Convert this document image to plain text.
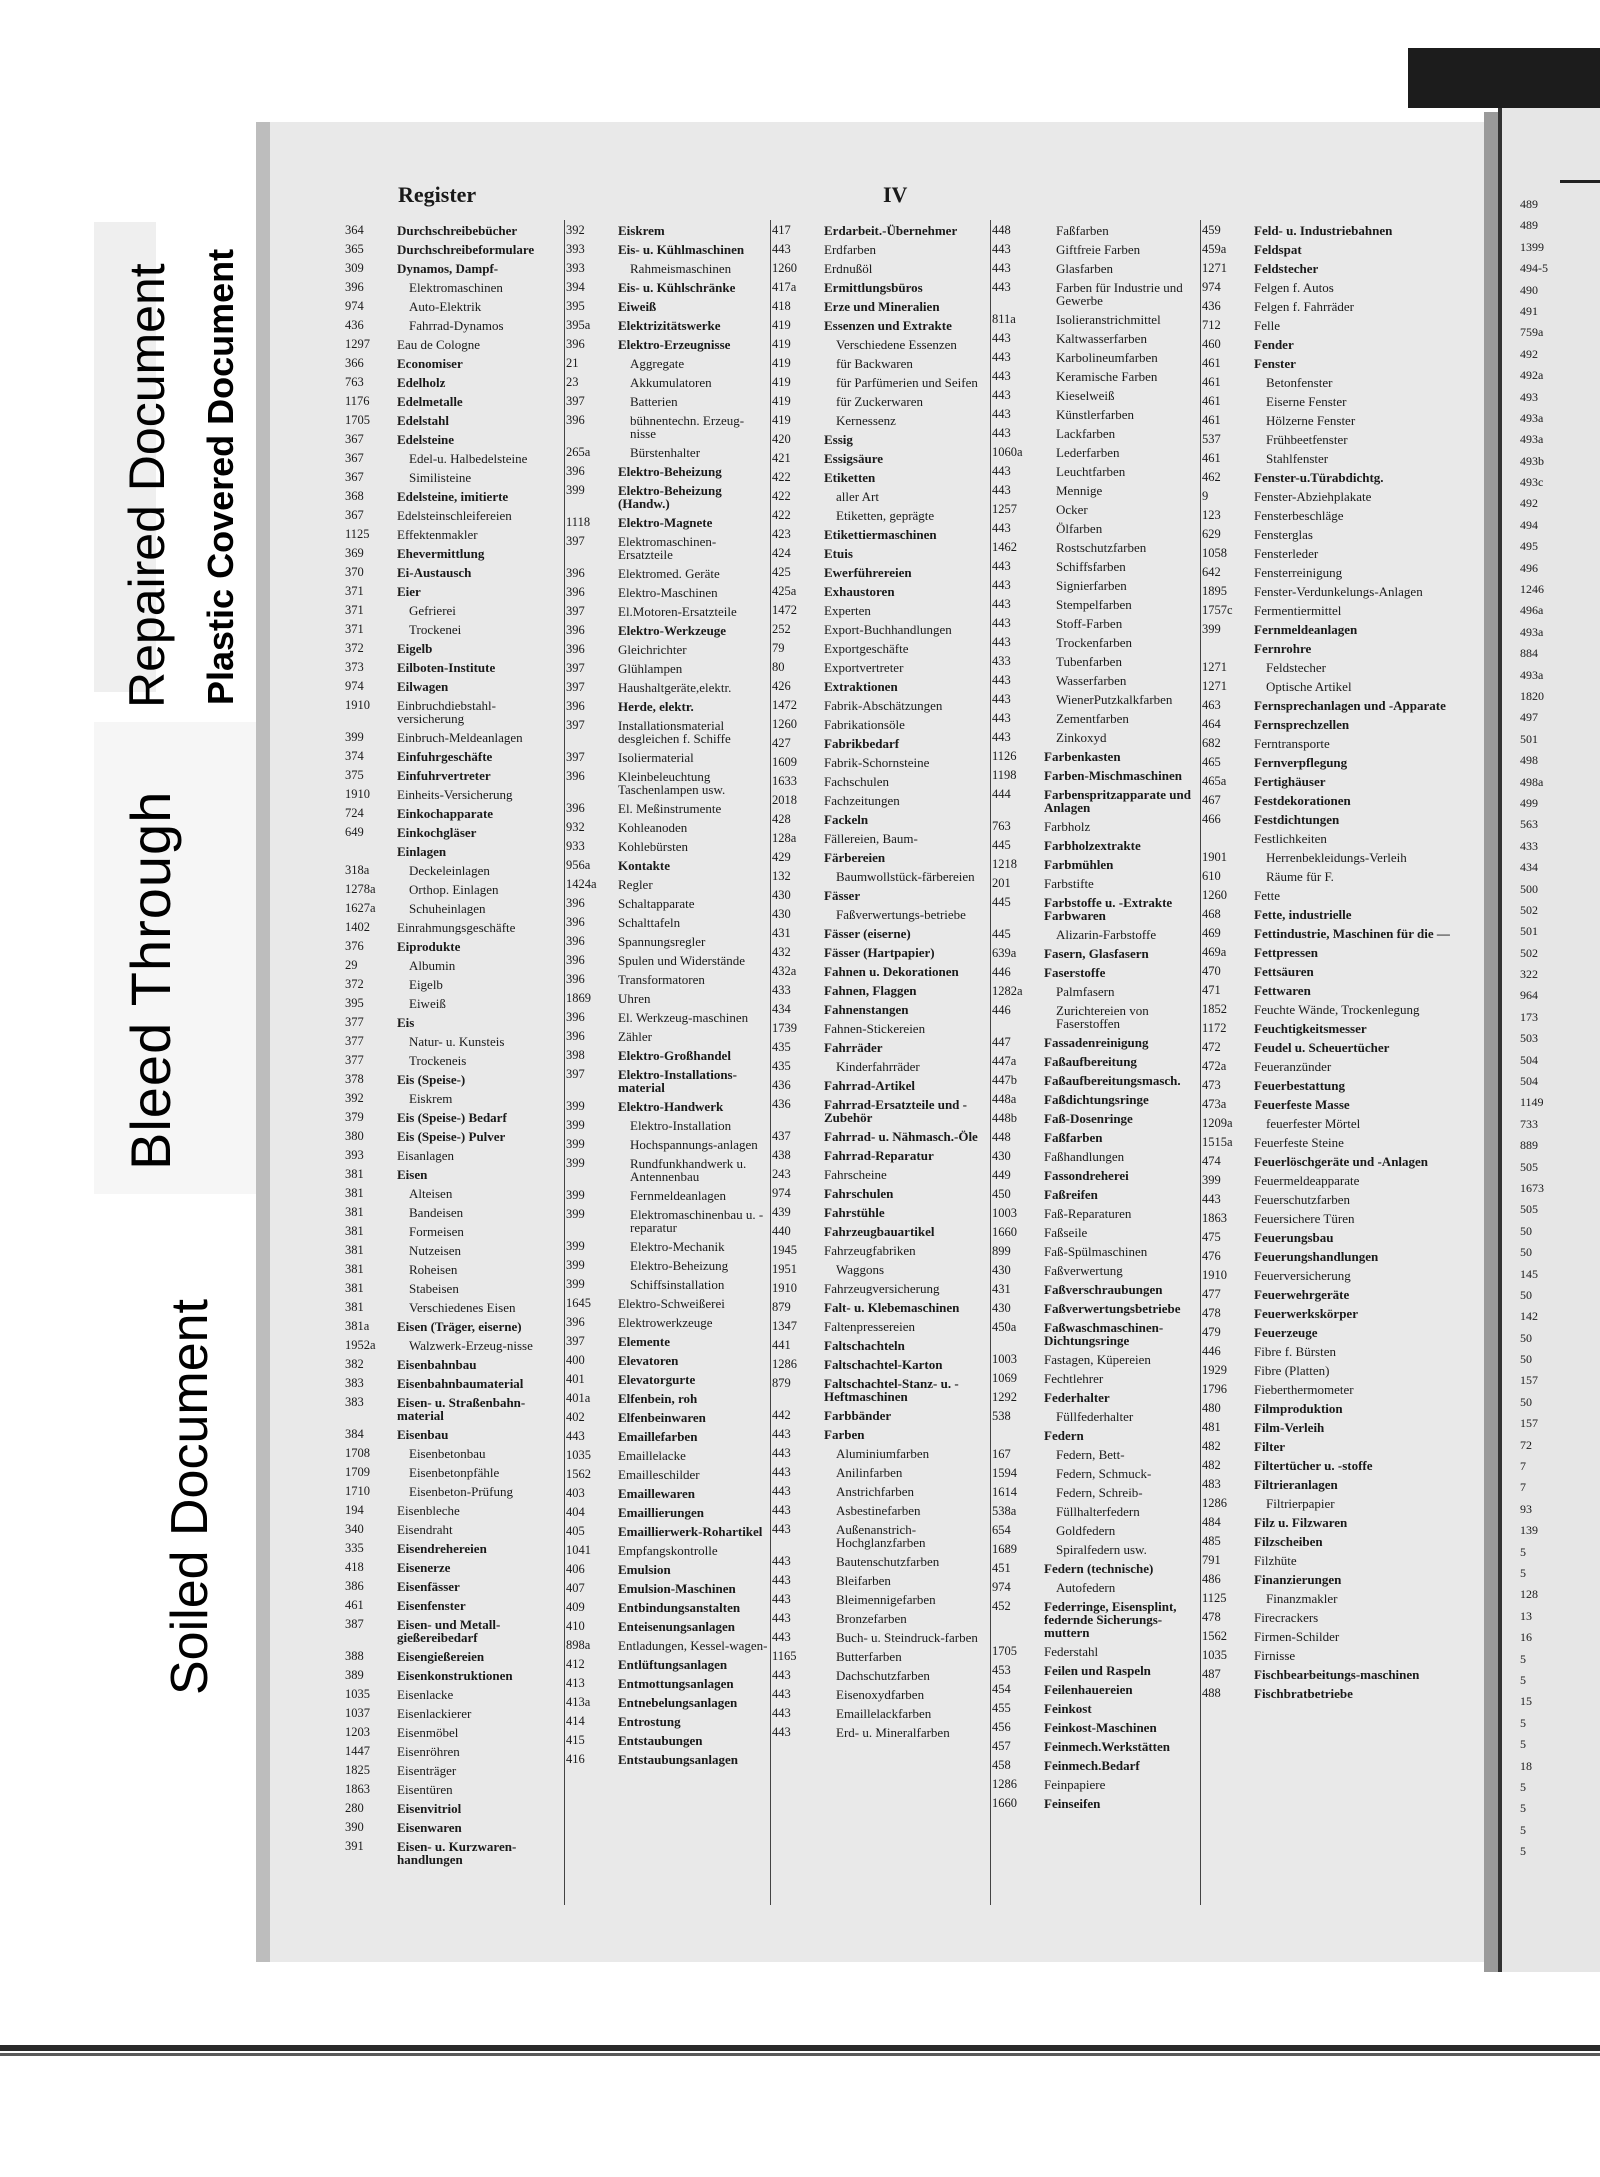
Bleed Through
Repaired Document Plastic Covered Document
Soiled Document
Register	IV
364	Durchschreibebücher
365	Durchschreibeformulare
309	Dynamos, Dampf-
396	Elektromaschinen
974	Auto-Elektrik
436	Fahrrad-Dynamos
1297	Eau de Cologne
366	Economiser
763	Edelholz
1176	Edelmetalle
1705	Edelstahl
367	Edelsteine
367	Edel-u. Halbedelsteine
367	Similisteine
368	Edelsteine, imitierte
367	Edelsteinschleifereien
1125	Effektenmakler
369	Ehevermittlung
370	Ei-Austausch
371	Eier
371	Gefrierei
371	Trockenei
372	Eigelb
373	Eilboten-Institute
974	Eilwagen
1910	Einbruchdiebstahl-versicherung
399	Einbruch-Meldeanlagen
374	Einfuhrgeschäfte
375	Einfuhrvertreter
1910	Einheits-Versicherung
724	Einkochapparate
649	Einkochgläser
Einlagen
318a	Deckeleinlagen
1278a	Orthop. Einlagen
1627a	Schuheinlagen
1402	Einrahmungsgeschäfte
376	Eiprodukte
29	Albumin
372	Eigelb
395	Eiweiß
377	Eis
377	Natur- u. Kunsteis
377	Trockeneis
378	Eis (Speise-)
392	Eiskrem
379	Eis (Speise-) Bedarf
380	Eis (Speise-) Pulver
393	Eisanlagen
381	Eisen
381	Alteisen
381	Bandeisen
381	Formeisen
381	Nutzeisen
381	Roheisen
381	Stabeisen
381	Verschiedenes Eisen
381a	Eisen (Träger, eiserne)
1952a	Walzwerk-Erzeug-nisse
382	Eisenbahnbau
383	Eisenbahnbaumaterial
383	Eisen- u. Straßenbahn-material
384	Eisenbau
1708	Eisenbetonbau
1709	Eisenbetonpfähle
1710	Eisenbeton-Prüfung
194	Eisenbleche
340	Eisendraht
335	Eisendrehereien
418	Eisenerze
386	Eisenfässer
461	Eisenfenster
387	Eisen- und Metall-gießereibedarf
388	Eisengießereien
389	Eisenkonstruktionen
1035	Eisenlacke
1037	Eisenlackierer
1203	Eisenmöbel
1447	Eisenröhren
1825	Eisenträger
1863	Eisentüren
280	Eisenvitriol
390	Eisenwaren
391	Eisen- u. Kurzwaren-handlungen
392	Eiskrem
393	Eis- u. Kühlmaschinen
393	Rahmeismaschinen
394	Eis- u. Kühlschränke
395	Eiweiß
395a	Elektrizitätswerke
396	Elektro-Erzeugnisse
21	Aggregate
23	Akkumulatoren
397	Batterien
396	bühnentechn. Erzeug-nisse
265a	Bürstenhalter
396	Elektro-Beheizung
399	Elektro-Beheizung (Handw.)
1118	Elektro-Magnete
397	Elektromaschinen-Ersatzteile
396	Elektromed. Geräte
396	Elektro-Maschinen
397	El.Motoren-Ersatzteile
396	Elektro-Werkzeuge
396	Gleichrichter
397	Glühlampen
397	Haushaltgeräte,elektr.
396	Herde, elektr.
397	Installationsmaterial desgleichen f. Schiffe
397	Isoliermaterial
396	Kleinbeleuchtung Taschenlampen usw.
396	El. Meßinstrumente
932	Kohleanoden
933	Kohlebürsten
956a	Kontakte
1424a	Regler
396	Schaltapparate
396	Schalttafeln
396	Spannungsregler
396	Spulen und Widerstände
396	Transformatoren
1869	Uhren
396	El. Werkzeug-maschinen
396	Zähler
398	Elektro-Großhandel
397	Elektro-Installations-material
399	Elektro-Handwerk
399	Elektro-Installation
399	Hochspannungs-anlagen
399	Rundfunkhandwerk u. Antennenbau
399	Fernmeldeanlagen
399	Elektromaschinenbau u. -reparatur
399	Elektro-Mechanik
399	Elektro-Beheizung
399	Schiffsinstallation
1645	Elektro-Schweißerei
396	Elektrowerkzeuge
397	Elemente
400	Elevatoren
401	Elevatorgurte
401a	Elfenbein, roh
402	Elfenbeinwaren
443	Emaillefarben
1035	Emaillelacke
1562	Emailleschilder
403	Emaillewaren
404	Emaillierungen
405	Emaillierwerk-Rohartikel
1041	Empfangskontrolle
406	Emulsion
407	Emulsion-Maschinen
409	Entbindungsanstalten
410	Enteisenungsanlagen
898a	Entladungen, Kessel-wagen-
412	Entlüftungsanlagen
413	Entmottungsanlagen
413a	Entnebelungsanlagen
414	Entrostung
415	Entstaubungen
416	Entstaubungsanlagen
417	Erdarbeit.-Übernehmer
443	Erdfarben
1260	Erdnußöl
417a	Ermittlungsbüros
418	Erze und Mineralien
419	Essenzen und Extrakte
419	Verschiedene Essenzen
419	für Backwaren
419	für Parfümerien und Seifen
419	für Zuckerwaren
419	Kernessenz
420	Essig
421	Essigsäure
422	Etiketten
422	aller Art
422	Etiketten, geprägte
423	Etikettiermaschinen
424	Etuis
425	Ewerführereien
425a	Exhaustoren
1472	Experten
252	Export-Buchhandlungen
79	Exportgeschäfte
80	Exportvertreter
426	Extraktionen
1472	Fabrik-Abschätzungen
1260	Fabrikationsöle
427	Fabrikbedarf
1609	Fabrik-Schornsteine
1633	Fachschulen
2018	Fachzeitungen
428	Fackeln
128a	Fällereien, Baum-
429	Färbereien
132	Baumwollstück-färbereien
430	Fässer
430	Faßverwertungs-betriebe
431	Fässer (eiserne)
432	Fässer (Hartpapier)
432a	Fahnen u. Dekorationen
433	Fahnen, Flaggen
434	Fahnenstangen
1739	Fahnen-Stickereien
435	Fahrräder
435	Kinderfahrräder
436	Fahrrad-Artikel
436	Fahrrad-Ersatzteile und -Zubehör
437	Fahrrad- u. Nähmasch.-Öle
438	Fahrrad-Reparatur
243	Fahrscheine
974	Fahrschulen
439	Fahrstühle
440	Fahrzeugbauartikel
1945	Fahrzeugfabriken
1951	Waggons
1910	Fahrzeugversicherung
879	Falt- u. Klebemaschinen
1347	Faltenpressereien
441	Faltschachteln
1286	Faltschachtel-Karton
879	Faltschachtel-Stanz- u. -Heftmaschinen
442	Farbbänder
443	Farben
443	Aluminiumfarben
443	Anilinfarben
443	Anstrichfarben
443	Asbestinefarben
443	Außenanstrich-Hochglanzfarben
443	Bautenschutzfarben
443	Bleifarben
443	Bleimennigefarben
443	Bronzefarben
443	Buch- u. Steindruck-farben
1165	Butterfarben
443	Dachschutzfarben
443	Eisenoxydfarben
443	Emaillelackfarben
443	Erd- u. Mineralfarben
448	Faßfarben
443	Giftfreie Farben
443	Glasfarben
443	Farben für Industrie und Gewerbe
811a	Isolieranstrichmittel
443	Kaltwasserfarben
443	Karbolineumfarben
443	Keramische Farben
443	Kieselweiß
443	Künstlerfarben
443	Lackfarben
1060a	Lederfarben
443	Leuchtfarben
443	Mennige
1257	Ocker
443	Ölfarben
1462	Rostschutzfarben
443	Schiffsfarben
443	Signierfarben
443	Stempelfarben
443	Stoff-Farben
443	Trockenfarben
433	Tubenfarben
443	Wasserfarben
443	WienerPutzkalkfarben
443	Zementfarben
443	Zinkoxyd
1126	Farbenkasten
1198	Farben-Mischmaschinen
444	Farbenspritzapparate und Anlagen
763	Farbholz
445	Farbholzextrakte
1218	Farbmühlen
201	Farbstifte
445	Farbstoffe u. -Extrakte Farbwaren
445	Alizarin-Farbstoffe
639a	Fasern, Glasfasern
446	Faserstoffe
1282a	Palmfasern
446	Zurichtereien von Faserstoffen
447	Fassadenreinigung
447a	Faßaufbereitung
447b	Faßaufbereitungsmasch.
448a	Faßdichtungsringe
448b	Faß-Dosenringe
448	Faßfarben
430	Faßhandlungen
449	Fassondreherei
450	Faßreifen
1003	Faß-Reparaturen
1660	Faßseile
899	Faß-Spülmaschinen
430	Faßverwertung
431	Faßverschraubungen
430	Faßverwertungsbetriebe
450a	Faßwaschmaschinen-Dichtungsringe
1003	Fastagen, Küpereien
1069	Fechtlehrer
1292	Federhalter
538	Füllfederhalter
Federn
167	Federn, Bett-
1594	Federn, Schmuck-
1614	Federn, Schreib-
538a	Füllhalterfedern
654	Goldfedern
1689	Spiralfedern usw.
451	Federn (technische)
974	Autofedern
452	Federringe, Eisensplint, federnde Sicherungs-muttern
1705	Federstahl
453	Feilen und Raspeln
454	Feilenhauereien
455	Feinkost
456	Feinkost-Maschinen
457	Feinmech.Werkstätten
458	Feinmech.Bedarf
1286	Feinpapiere
1660	Feinseifen
459	Feld- u. Industriebahnen
459a	Feldspat
1271	Feldstecher
974	Felgen f. Autos
436	Felgen f. Fahrräder
712	Felle
460	Fender
461	Fenster
461	Betonfenster
461	Eiserne Fenster
461	Hölzerne Fenster
537	Frühbeetfenster
461	Stahlfenster
462	Fenster-u.Türabdichtg.
9	Fenster-Abziehplakate
123	Fensterbeschläge
629	Fensterglas
1058	Fensterleder
642	Fensterreinigung
1895	Fenster-Verdunkelungs-Anlagen
1757c	Fermentiermittel
399	Fernmeldeanlagen
Fernrohre
1271	Feldstecher
1271	Optische Artikel
463	Fernsprechanlagen und -Apparate
464	Fernsprechzellen
682	Ferntransporte
465	Fernverpflegung
465a	Fertighäuser
467	Festdekorationen
466	Festdichtungen
Festlichkeiten
1901	Herrenbekleidungs-Verleih
610	Räume für F.
1260	Fette
468	Fette, industrielle
469	Fettindustrie, Maschinen für die —
469a	Fettpressen
470	Fettsäuren
471	Fettwaren
1852	Feuchte Wände, Trockenlegung
1172	Feuchtigkeitsmesser
472	Feudel u. Scheuertücher
472a	Feueranzünder
473	Feuerbestattung
473a	Feuerfeste Masse
1209a	feuerfester Mörtel
1515a	Feuerfeste Steine
474	Feuerlöschgeräte und -Anlagen
399	Feuermeldeapparate
443	Feuerschutzfarben
1863	Feuersichere Türen
475	Feuerungsbau
476	Feuerungshandlungen
1910	Feuerversicherung
477	Feuerwehrgeräte
478	Feuerwerkskörper
479	Feuerzeuge
446	Fibre f. Bürsten
1929	Fibre (Platten)
1796	Fieberthermometer
480	Filmproduktion
481	Film-Verleih
482	Filter
482	Filtertücher u. -stoffe
483	Filtrieranlagen
1286	Filtrierpapier
484	Filz u. Filzwaren
485	Filzscheiben
791	Filzhüte
486	Finanzierungen
1125	Finanzmakler
478	Firecrackers
1562	Firmen-Schilder
1035	Firnisse
487	Fischbearbeitungs-maschinen
488	Fischbratbetriebe
489
489
1399
494-5
490
491
759a
492
492a
493
493a
493a
493b
493c
492
494
495
496
1246
496a
493a
884
493a
1820
497
501
498
498a
499
563
433
434
500
502
501
502
322
964
173
503
504
504
1149
733
889
505
1673
505
50
50
145
50
142
50
50
157
50
157
72
7
7
93
139
5
5
128
13
16
5
5
15
5
5
18
5
5
5
5
